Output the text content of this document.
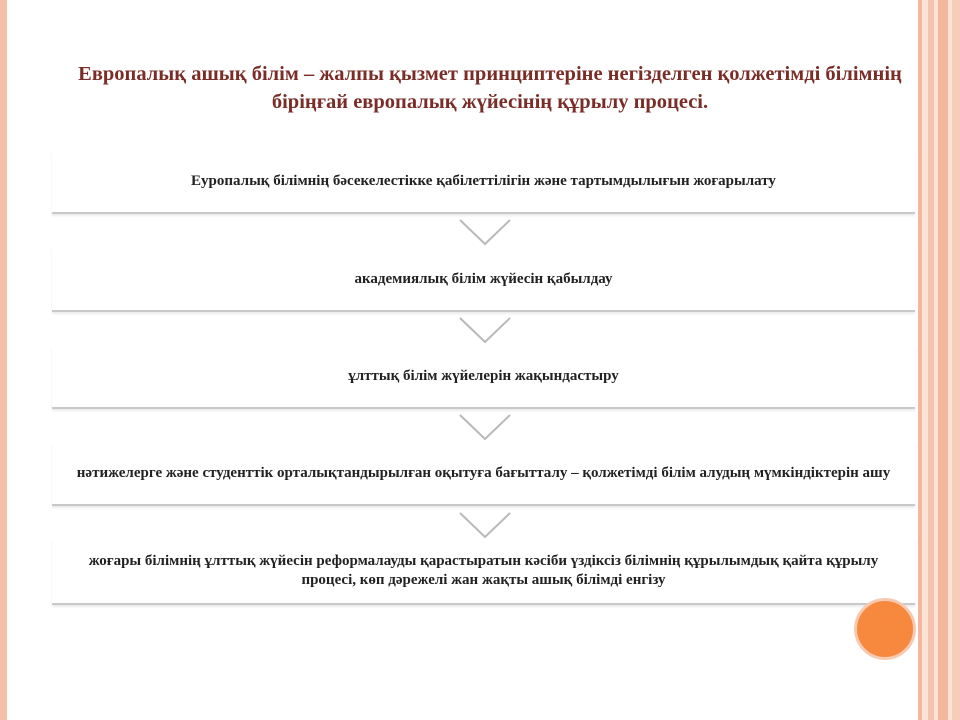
Европалық ашық білім – жалпы қызмет принциптеріне негізделген қолжетімді білімнің біріңғай европалық жүйесінің құрылу процесі.
Еуропалық білімнің бәсекелестікке қабілеттілігін және тартымдылығын жоғарылату
академиялық білім жүйесін қабылдау
ұлттық білім жүйелерін жақындастыру
нәтижелерге және студенттік орталықтандырылған оқытуға бағытталу – қолжетімді білім алудың мүмкіндіктерін ашу
жоғары білімнің ұлттық жүйесін реформалауды қарастыратын кәсіби үздіксіз білімнің құрылымдық қайта құрылу процесі, көп дәрежелі жан жақты ашық білімді енгізу
